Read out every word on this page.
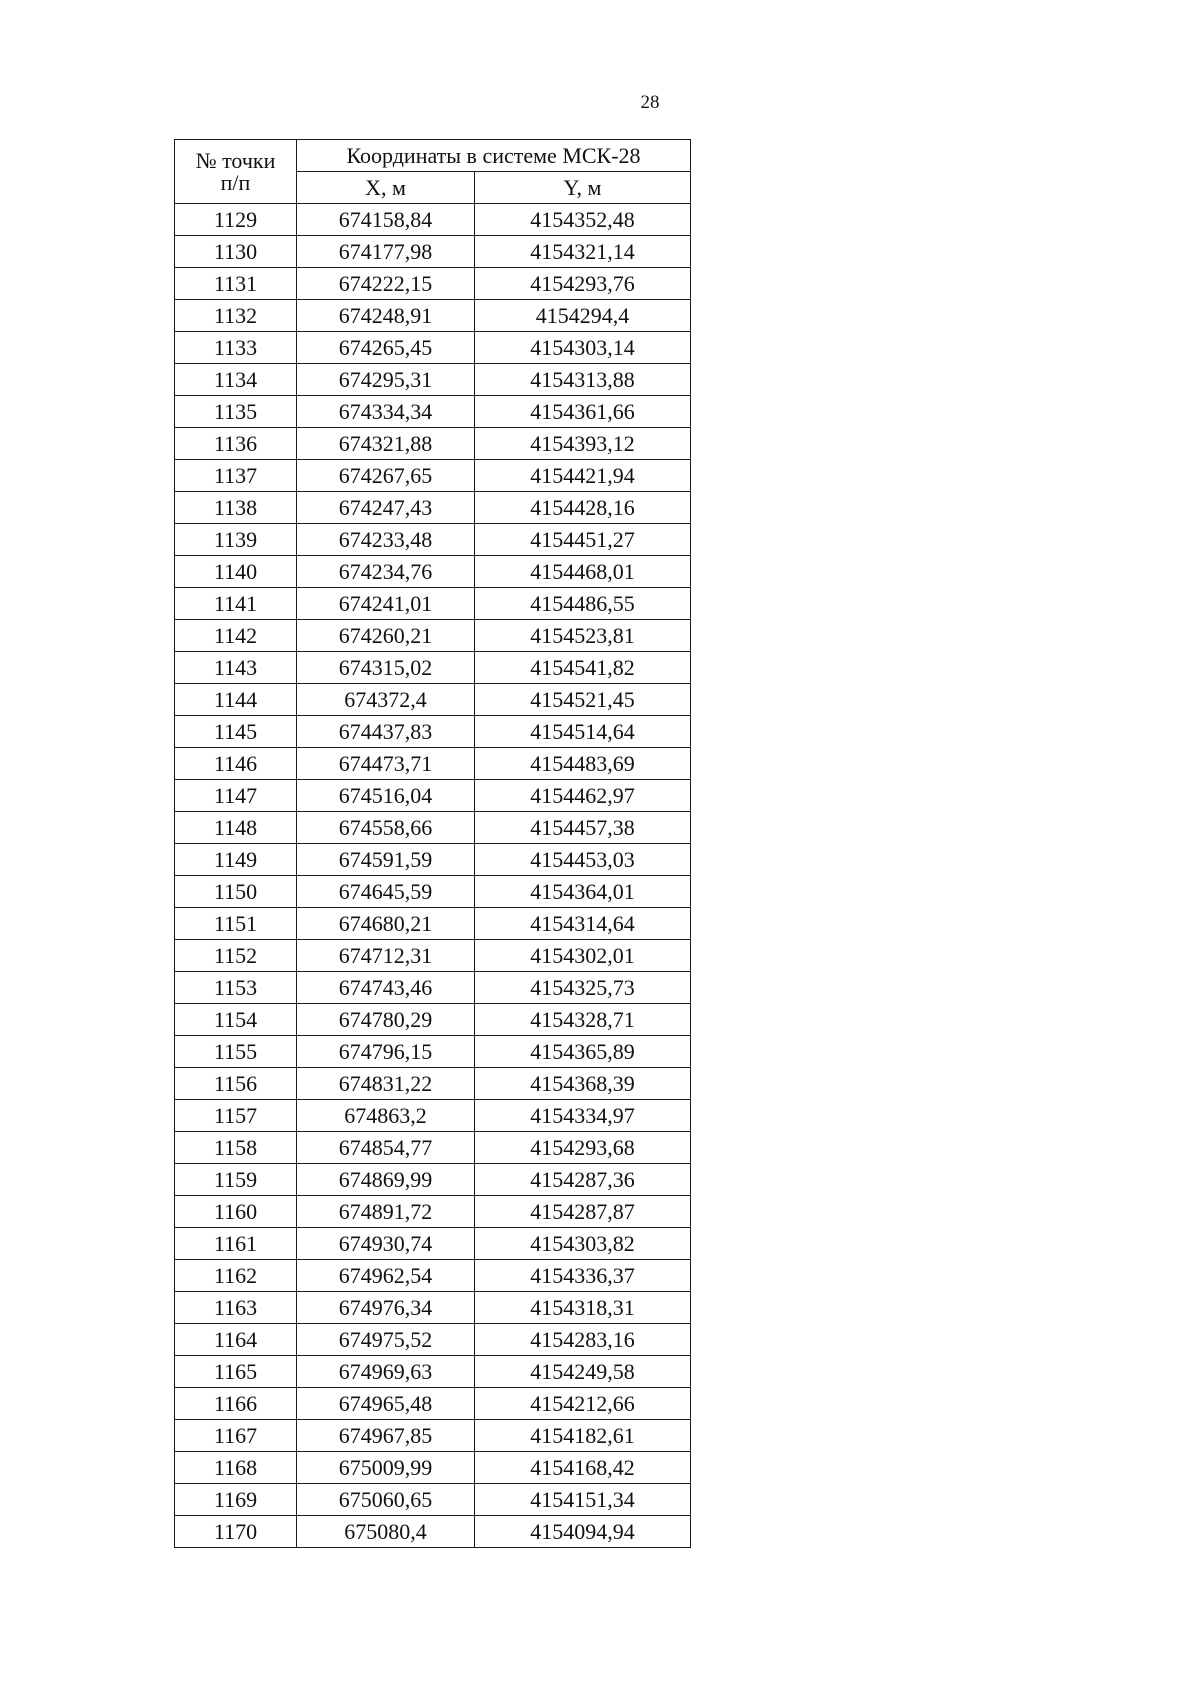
28
№ точки
п/п	Координаты в системе МСК-28	
	X, м	Y, м
1129	674158,84	4154352,48
1130	674177,98	4154321,14
1131	674222,15	4154293,76
1132	674248,91	4154294,4
1133	674265,45	4154303,14
1134	674295,31	4154313,88
1135	674334,34	4154361,66
1136	674321,88	4154393,12
1137	674267,65	4154421,94
1138	674247,43	4154428,16
1139	674233,48	4154451,27
1140	674234,76	4154468,01
1141	674241,01	4154486,55
1142	674260,21	4154523,81
1143	674315,02	4154541,82
1144	674372,4	4154521,45
1145	674437,83	4154514,64
1146	674473,71	4154483,69
1147	674516,04	4154462,97
1148	674558,66	4154457,38
1149	674591,59	4154453,03
1150	674645,59	4154364,01
1151	674680,21	4154314,64
1152	674712,31	4154302,01
1153	674743,46	4154325,73
1154	674780,29	4154328,71
1155	674796,15	4154365,89
1156	674831,22	4154368,39
1157	674863,2	4154334,97
1158	674854,77	4154293,68
1159	674869,99	4154287,36
1160	674891,72	4154287,87
1161	674930,74	4154303,82
1162	674962,54	4154336,37
1163	674976,34	4154318,31
1164	674975,52	4154283,16
1165	674969,63	4154249,58
1166	674965,48	4154212,66
1167	674967,85	4154182,61
1168	675009,99	4154168,42
1169	675060,65	4154151,34
1170	675080,4	4154094,94
